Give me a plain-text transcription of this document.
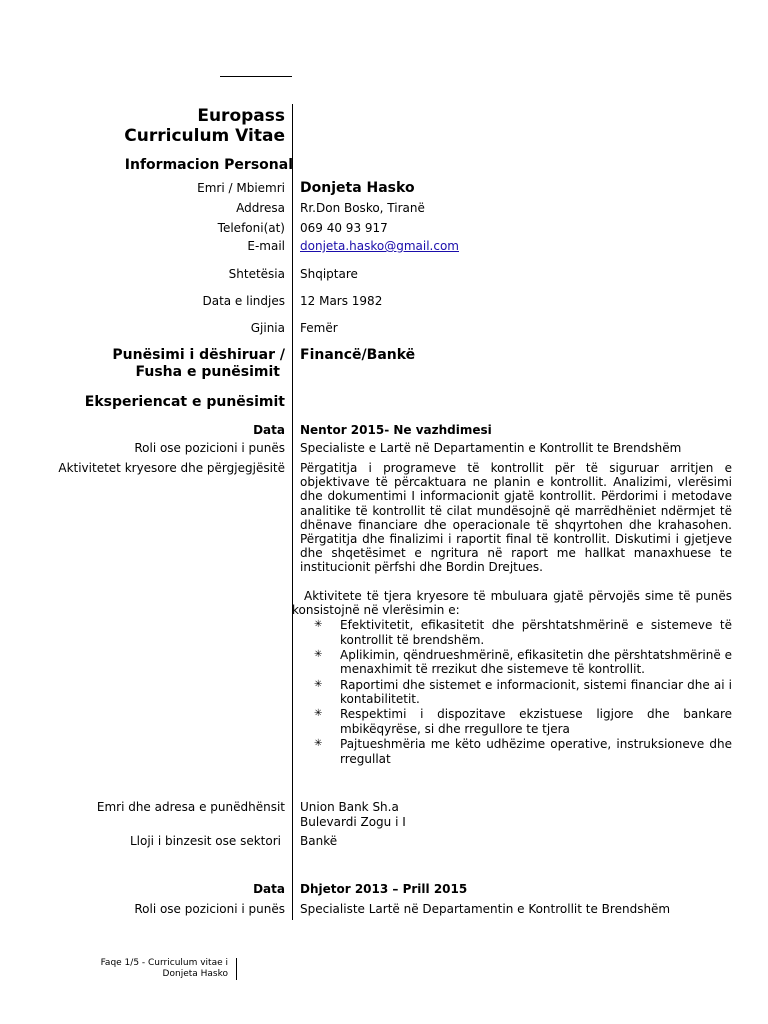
Europass
Curriculum Vitae
Informacion Personal
Emri / Mbiemri Donjeta Hasko
Addresa Rr.Don Bosko, Tiranë
Telefoni(at) 069 40 93 917
E-mail donjeta.hasko@gmail.com
Shtetësia Shqiptare
Data e lindjes 12 Mars 1982
Gjinia Femër
Punësimi i dëshiruar /
Fusha e punësimit
Financë/Bankë
Eksperiencat e punësimit
Data Nentor 2015- Ne vazhdimesi
Roli ose pozicioni i punës Specialiste e Lartë në Departamentin e Kontrollit te Brendshëm
Aktivitetet kryesore dhe përgjegjësitë Përgatitja i programeve të kontrollit për të siguruar arritjen e objektivave të përcaktuara ne planin e kontrollit. Analizimi, vlerësimi dhe dokumentimi I informacionit gjatë kontrollit. Përdorimi i metodave analitike të kontrollit të cilat mundësojnë që marrëdhëniet ndërmjet të dhënave financiare dhe operacionale të shqyrtohen dhe krahasohen. Përgatitja dhe finalizimi i raportit final të kontrollit. Diskutimi i gjetjeve dhe shqetësimet e ngritura në raport me hallkat manaxhuese te institucionit përfshi dhe Bordin Drejtues.
Aktivitete të tjera kryesore të mbuluara gjatë përvojës sime të punës konsistojnë në vlerësimin e:
✳ Efektivitetit, efikasitetit dhe përshtatshmërinë e sistemeve të kontrollit të brendshëm.
✳ Aplikimin, qëndrueshmërinë, efikasitetin dhe përshtatshmërinë e menaxhimit të rrezikut dhe sistemeve të kontrollit.
✳ Raportimi dhe sistemet e informacionit, sistemi financiar dhe ai i kontabilitetit.
✳ Respektimi i dispozitave ekzistuese ligjore dhe bankare mbikëqyrëse, si dhe rregullore te tjera
✳ Pajtueshmëria me këto udhëzime operative, instruksioneve dhe rregullat
Emri dhe adresa e punëdhënsit Union Bank Sh.a
Bulevardi Zogu i I
Lloji i binzesit ose sektori Bankë
Data Dhjetor 2013 – Prill 2015
Roli ose pozicioni i punës Specialiste Lartë në Departamentin e Kontrollit te Brendshëm
Faqe 1/5 - Curriculum vitae i
Donjeta Hasko
